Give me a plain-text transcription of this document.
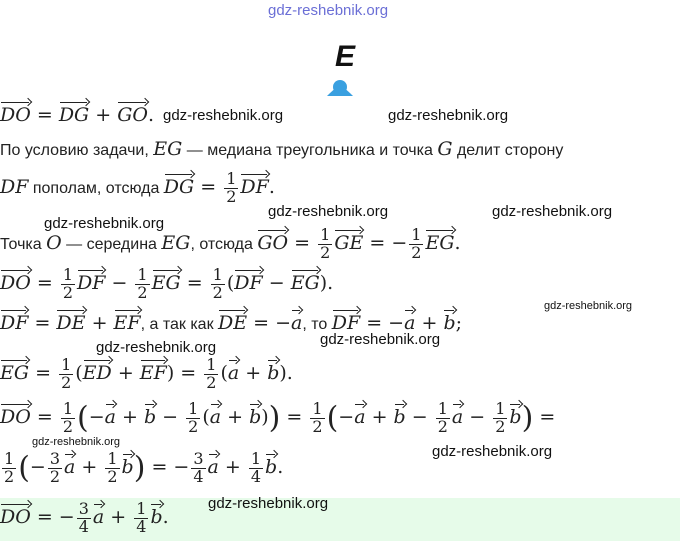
gdz-reshebnik.org
E
DO = DG + GO.
По условию задачи, EG — медиана треугольника и точка G делит сторону
DF пополам, отсюда DG = $\frac{1}{2}$ DF.
Точка O — середина EG, отсюда GO = $\frac{1}{2}$ GE = − $\frac{1}{2}$ EG.
DO = $\frac{1}{2}$ DF − $\frac{1}{2}$ EG = $\frac{1}{2} (DF - EG)$.
DF = DE + EF, а так как DE = −a, то DF = −a + b;
EG = $\frac{1}{2} (ED + EF) = \frac{1}{2} (a + b)$.
DO = $\frac{1}{2} (-a + b - \frac{1}{2} (a + b)) = \frac{1}{2} (-a + b - \frac{1}{2}$ $a - \frac{1}{2} b$) =
$\frac{1}{2}$ (− $\frac{3}{2}$ $a + \frac{1}{2} b$) = − $\frac{3}{4}$ $a + \frac{1}{4} b$.
DO = − $\frac{3}{4}$ $a + \frac{1}{4} b$.
gdz-reshebnik.org	gdz-reshebnik.org
gdz-reshebnik.org
gdz-reshebnik.org	gdz-reshebnik.org
gdz-reshebnik.org
gdz-reshebnik.org
gdz-reshebnik.org
gdz-reshebnik.org
gdz-reshebnik.org
gdz-reshebnik.org
